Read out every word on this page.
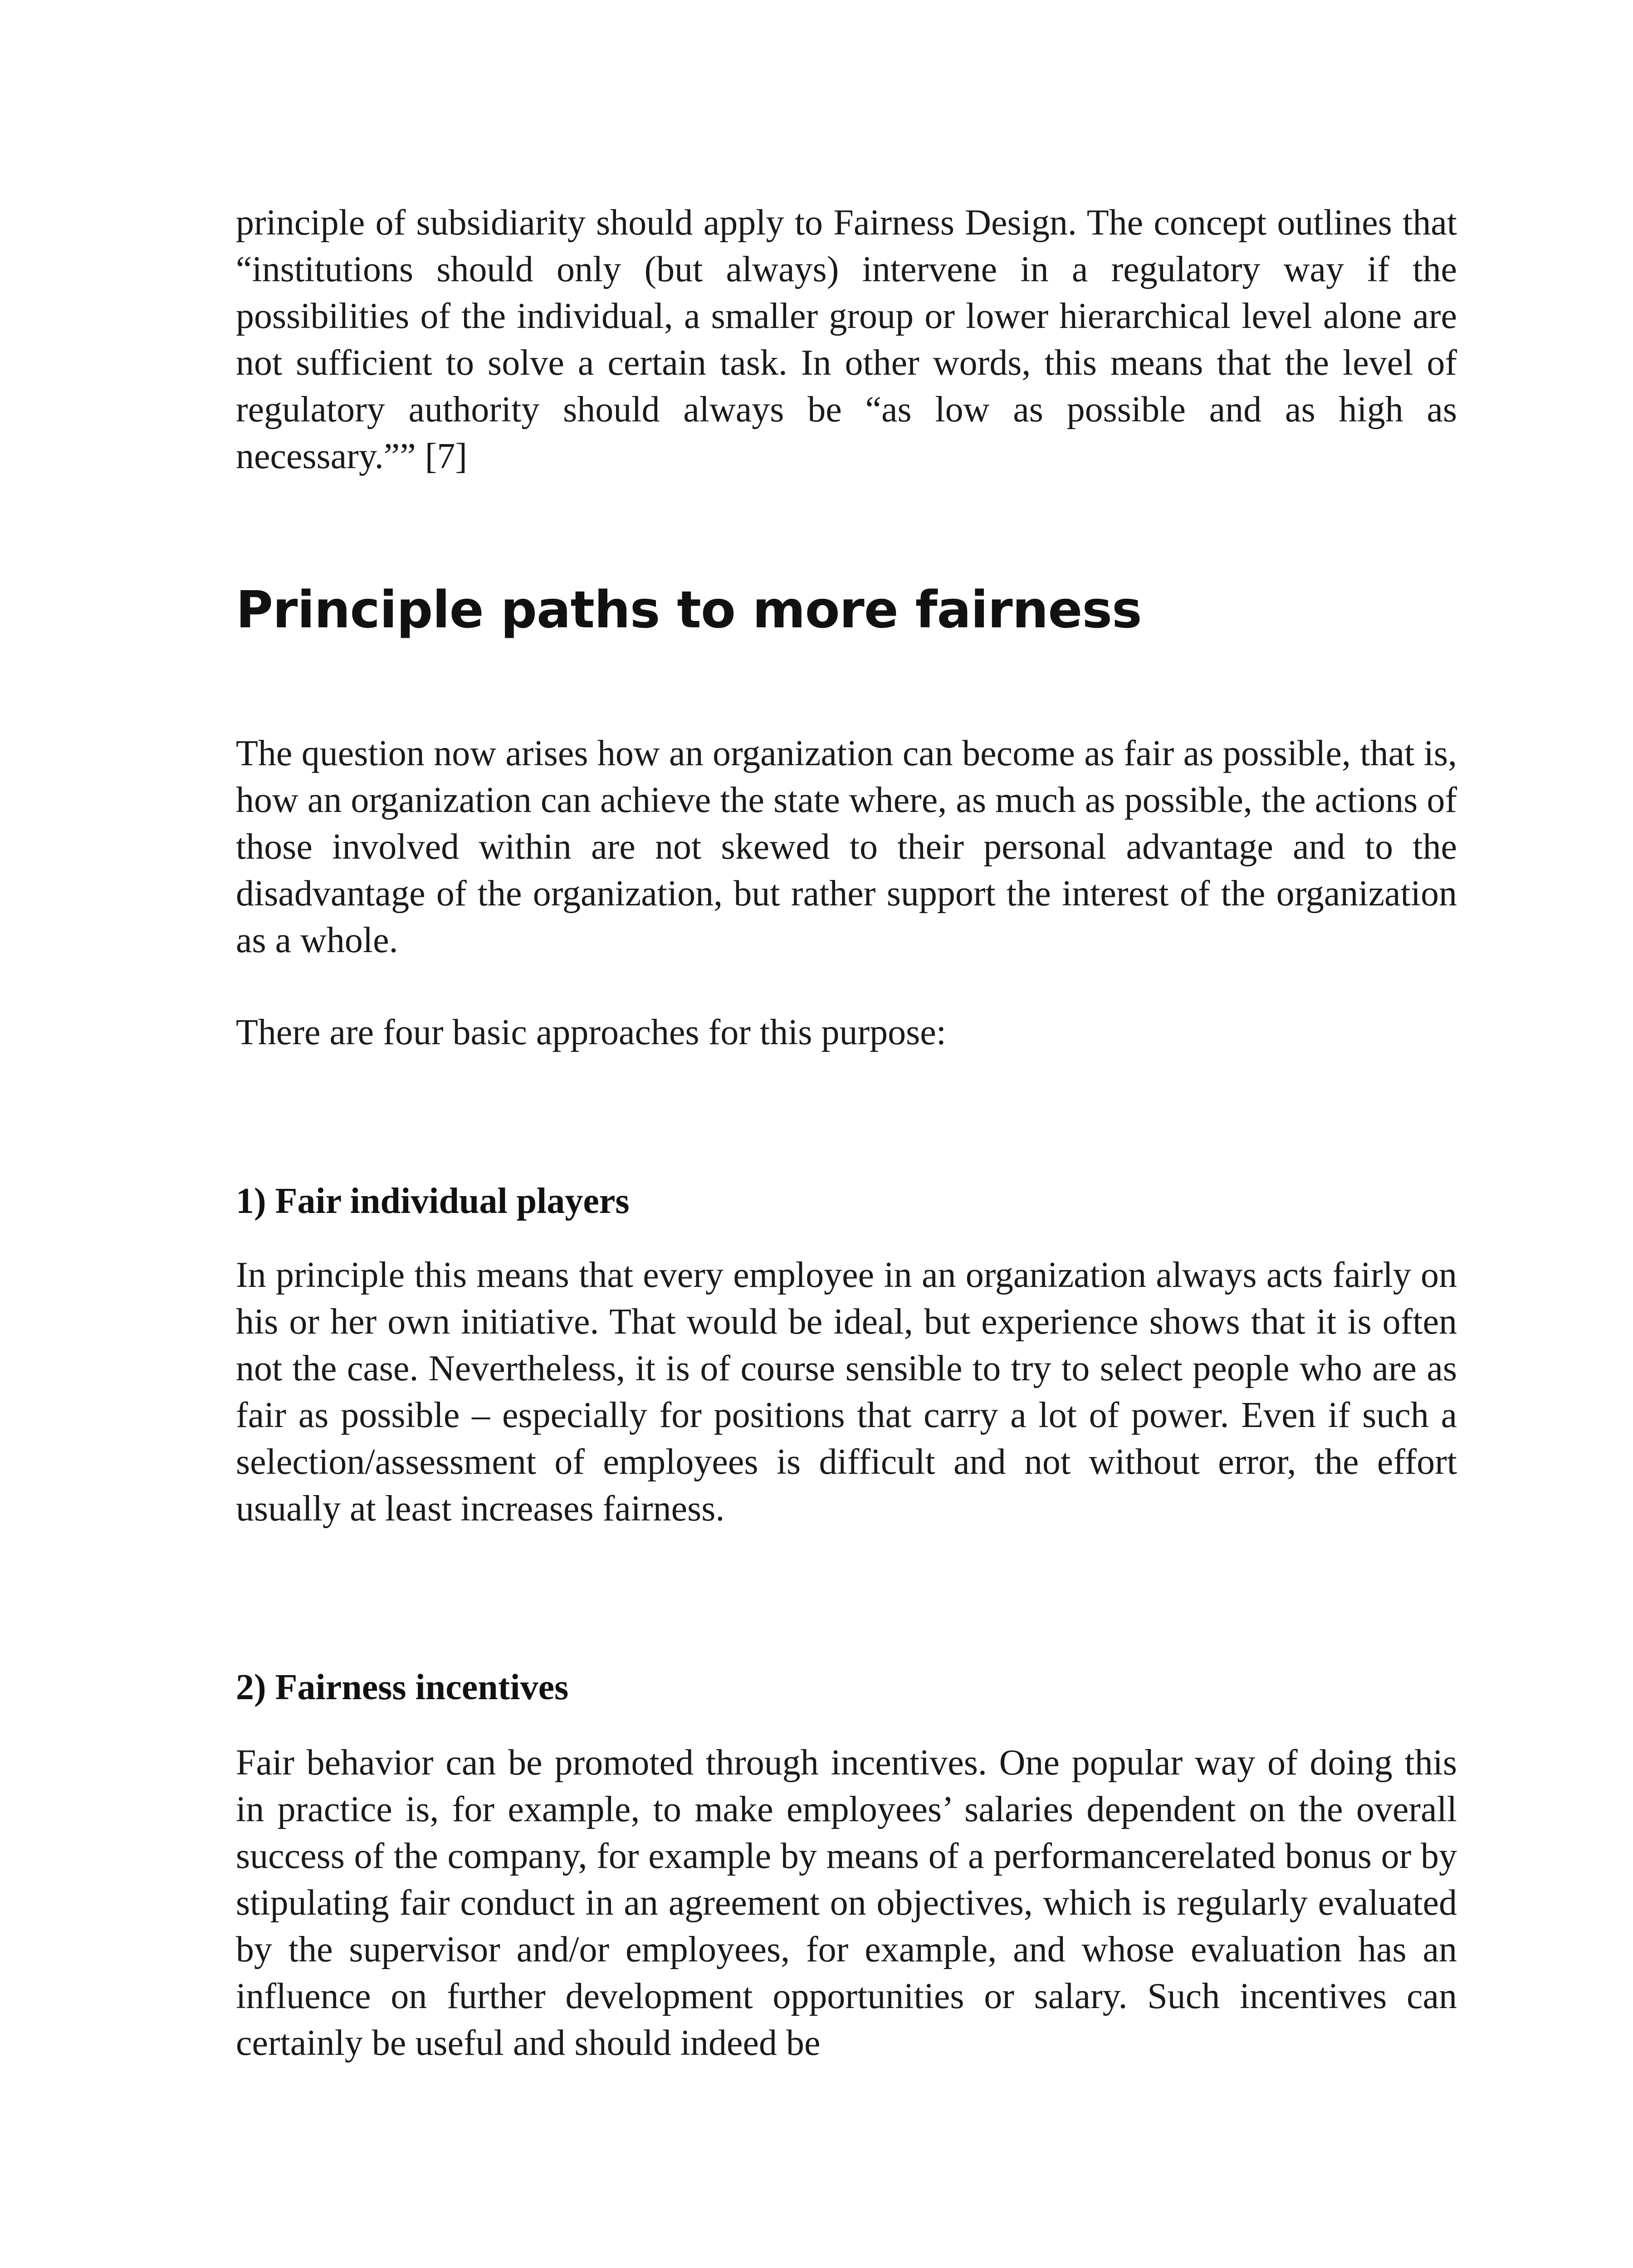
principle of subsidiarity should apply to Fairness Design. The concept outlines that “institutions should only (but always) intervene in a regulatory way if the possibilities of the individual, a smaller group or lower hierarchical level alone are not sufficient to solve a certain task. In other words, this means that the level of regulatory authority should always be “as low as possible and as high as necessary.”” [7]

Principle paths to more fairness

The question now arises how an organization can become as fair as possible, that is, how an organization can achieve the state where, as much as possible, the actions of those involved within are not skewed to their personal advantage and to the disadvantage of the organization, but rather support the interest of the organization as a whole.

There are four basic approaches for this purpose:

1) Fair individual players

In principle this means that every employee in an organization always acts fairly on his or her own initiative. That would be ideal, but experience shows that it is often not the case. Nevertheless, it is of course sensible to try to select people who are as fair as possible – especially for positions that carry a lot of power. Even if such a selection/assessment of employees is difficult and not without error, the effort usually at least increases fairness.

2) Fairness incentives

Fair behavior can be promoted through incentives. One popular way of doing this in practice is, for example, to make employees’ salaries dependent on the overall success of the company, for example by means of a performancerelated bonus or by stipulating fair conduct in an agreement on objectives, which is regularly evaluated by the supervisor and/or employees, for example, and whose evaluation has an influence on further development opportunities or salary. Such incentives can certainly be useful and should indeed be
